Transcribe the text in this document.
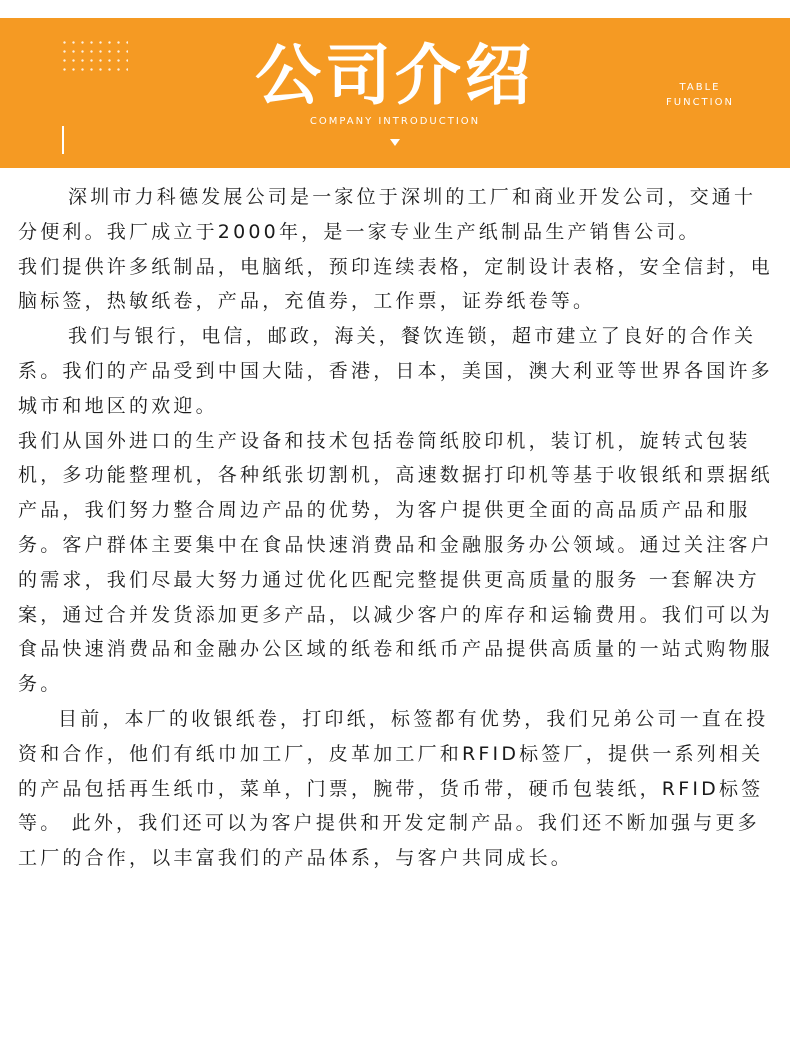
公司介绍
COMPANY INTRODUCTION
TABLE
FUNCTION

深圳市力科德发展公司是一家位于深圳的工厂和商业开发公司，交通十分便利。我厂成立于2000年，是一家专业生产纸制品生产销售公司。

我们提供许多纸制品，电脑纸，预印连续表格，定制设计表格，安全信封，电脑标签，热敏纸卷，产品，充值券，工作票，证券纸卷等。

我们与银行，电信，邮政，海关，餐饮连锁，超市建立了良好的合作关系。我们的产品受到中国大陆，香港，日本，美国，澳大利亚等世界各国许多城市和地区的欢迎。

我们从国外进口的生产设备和技术包括卷筒纸胶印机，装订机，旋转式包装机，多功能整理机，各种纸张切割机，高速数据打印机等基于收银纸和票据纸产品，我们努力整合周边产品的优势，为客户提供更全面的高品质产品和服务。客户群体主要集中在食品快速消费品和金融服务办公领域。通过关注客户的需求，我们尽最大努力通过优化匹配完整提供更高质量的服务 一套解决方案，通过合并发货添加更多产品，以减少客户的库存和运输费用。我们可以为食品快速消费品和金融办公区域的纸卷和纸币产品提供高质量的一站式购物服务。

目前，本厂的收银纸卷，打印纸，标签都有优势，我们兄弟公司一直在投资和合作，他们有纸巾加工厂，皮革加工厂和RFID标签厂，提供一系列相关的产品包括再生纸巾，菜单，门票，腕带，货币带，硬币包装纸，RFID标签等。 此外，我们还可以为客户提供和开发定制产品。我们还不断加强与更多工厂的合作，以丰富我们的产品体系，与客户共同成长。
